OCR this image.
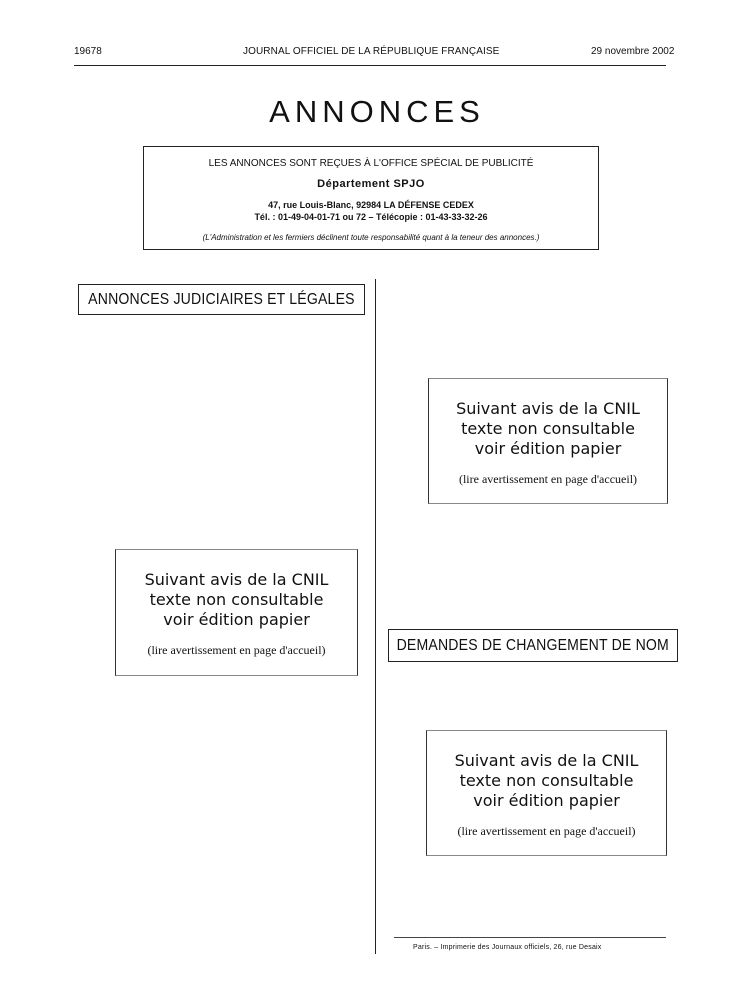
19678	JOURNAL OFFICIEL DE LA RÉPUBLIQUE FRANÇAISE	29 novembre 2002
ANNONCES
LES ANNONCES SONT REÇUES À L'OFFICE SPÉCIAL DE PUBLICITÉ
Département SPJO
47, rue Louis-Blanc, 92984 LA DÉFENSE CEDEX
Tél. : 01-49-04-01-71 ou 72 – Télécopie : 01-43-33-32-26
(L'Administration et les fermiers déclinent toute responsabilité quant à la teneur des annonces.)
ANNONCES JUDICIAIRES ET LÉGALES
Suivant avis de la CNIL
texte non consultable
voir édition papier
(lire avertissement en page d'accueil)
Suivant avis de la CNIL
texte non consultable
voir édition papier
(lire avertissement en page d'accueil)	DEMANDES DE CHANGEMENT DE NOM
Suivant avis de la CNIL
texte non consultable
voir édition papier
(lire avertissement en page d'accueil)
Paris. – Imprimerie des Journaux officiels, 26, rue Desaix
